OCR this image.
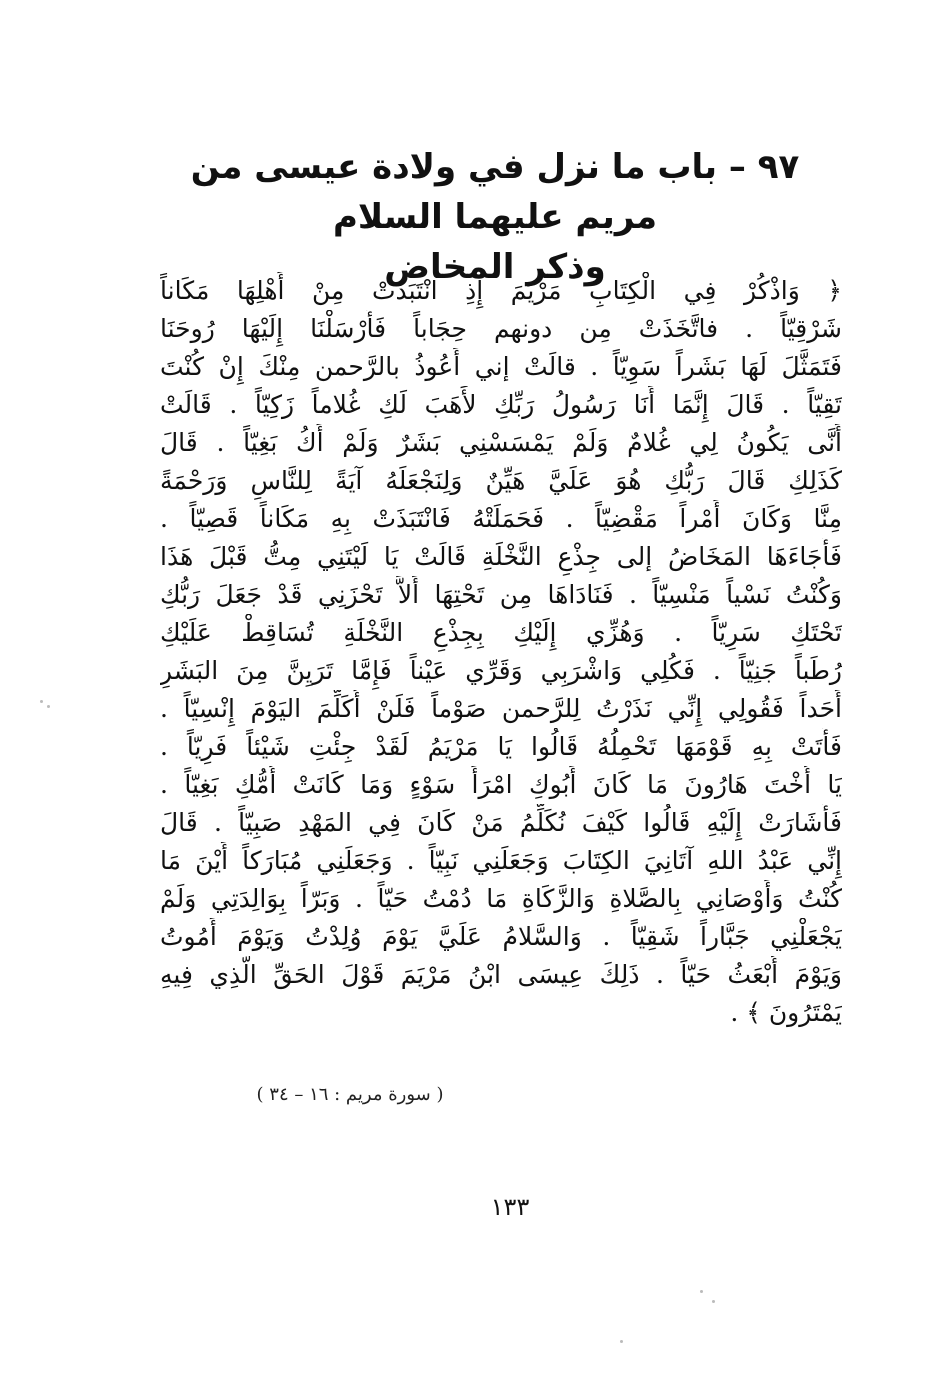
٩٧ – باب ما نزل في ولادة عيسى من مريم عليهما السلام
وذكر المخاض
﴿ وَاذْكُرْ فِي الْكِتَابِ مَرْيَمَ إِذِ انْتَبَذَتْ مِنْ أَهْلِهَا مَكَاناً
شَرْقِيّاً . فاتَّخَذَتْ مِن دونهم حِجَاباً فَأَرْسَلْنَا إِلَيْهَا رُوحَنَا
فَتَمَثَّلَ لَهَا بَشَراً سَوِيّاً . قالَتْ إني أَعُوذُ بالرَّحمن مِنْكَ إِنْ كُنْتَ
تَقِيّاً . قَالَ إِنَّمَا أَنَا رَسُولُ رَبِّكِ لأَهَبَ لَكِ غُلاماً زَكِيّاً . قَالَتْ
أَنَّى يَكُونُ لِي غُلامٌ وَلَمْ يَمْسَسْنِي بَشَرٌ وَلَمْ أَكُ بَغِيّاً . قَالَ
كَذَلِكِ قَالَ رَبُّكِ هُوَ عَلَيَّ هَيِّنٌ وَلِنَجْعَلَهُ آيَةً لِلنَّاسِ وَرَحْمَةً
مِنَّا وَكَانَ أَمْراً مَقْضِيّاً . فَحَمَلَتْهُ فَانْتَبَذَتْ بِهِ مَكَاناً قَصِيّاً .
فَأَجَاءَهَا المَخَاضُ إلى جِذْعِ النَّخْلَةِ قَالَتْ يَا لَيْتَنِي مِتُّ قَبْلَ هَذَا
وَكُنْتُ نَسْياً مَنْسِيّاً . فَنَادَاهَا مِن تَحْتِهَا أَلاَّ تَحْزَنِي قَدْ جَعَلَ رَبُّكِ
تَحْتَكِ سَرِيّاً . وَهُزِّي إِلَيْكِ بِجِذْعِ النَّخْلَةِ تُسَاقِطْ عَلَيْكِ
رُطَباً جَنِيّاً . فَكُلِي وَاشْرَبِي وَقَرِّي عَيْناً فَإِمَّا تَرَيِنَّ مِنَ البَشَرِ
أَحَداً فَقُولِي إِنِّي نَذَرْتُ لِلرَّحمن صَوْماً فَلَنْ أُكَلِّمَ اليَوْمَ إِنْسِيّاً .
فَأَتَتْ بِهِ قَوْمَهَا تَحْمِلُهُ قَالُوا يَا مَرْيَمُ لَقَدْ جِئْتِ شَيْئاً فَرِيّاً .
يَا أُخْتَ هَارُونَ مَا كَانَ أَبُوكِ امْرَأَ سَوْءٍ وَمَا كَانَتْ أُمُّكِ بَغِيّاً .
فَأَشَارَتْ إِلَيْهِ قَالُوا كَيْفَ نُكَلِّمُ مَنْ كَانَ فِي المَهْدِ صَبِيّاً . قَالَ
إِنِّي عَبْدُ اللهِ آتَانِيَ الكِتَابَ وَجَعَلَنِي نَبِيّاً . وَجَعَلَنِي مُبَارَكاً أَيْنَ مَا
كُنْتُ وَأَوْصَانِي بِالصَّلاةِ وَالزَّكَاةِ مَا دُمْتُ حَيّاً . وَبَرّاً بِوَالِدَتِي وَلَمْ
يَجْعَلْنِي جَبَّاراً شَقِيّاً . وَالسَّلامُ عَلَيَّ يَوْمَ وُلِدْتُ وَيَوْمَ أَمُوتُ
وَيَوْمَ أُبْعَثُ حَيّاً . ذَلِكَ عِيسَى ابْنُ مَرْيَمَ قَوْلَ الحَقِّ الَّذِي فِيهِ
يَمْتَرُونَ ﴾ .
( سورة مريم : ١٦ – ٣٤ )
١٣٣
